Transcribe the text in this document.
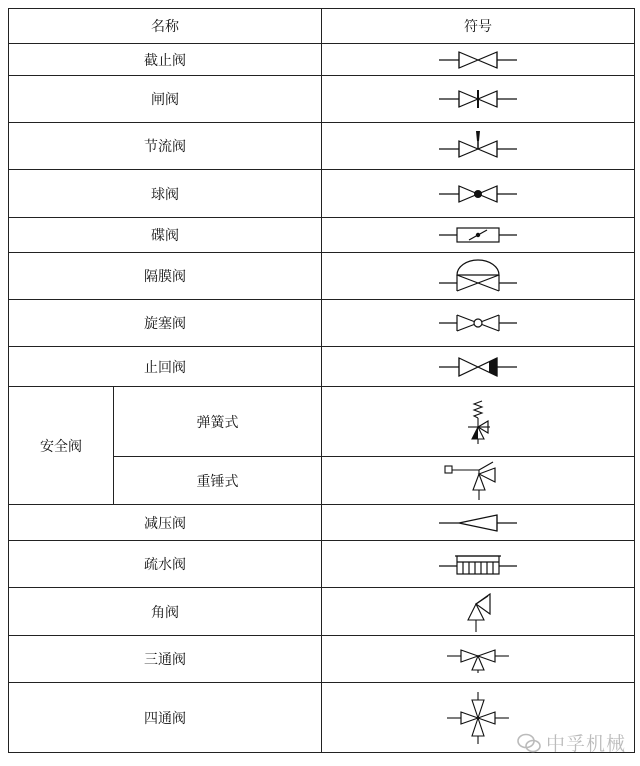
名称		符号
截止阀	

闸阀	

节流阀	

球阀	

碟阀	

隔膜阀	

旋塞阀	

止回阀	

安全阀	弹簧式	

	重锤式	

减压阀	

疏水阀	

角阀	

三通阀	

四通阀	
中孚机械
